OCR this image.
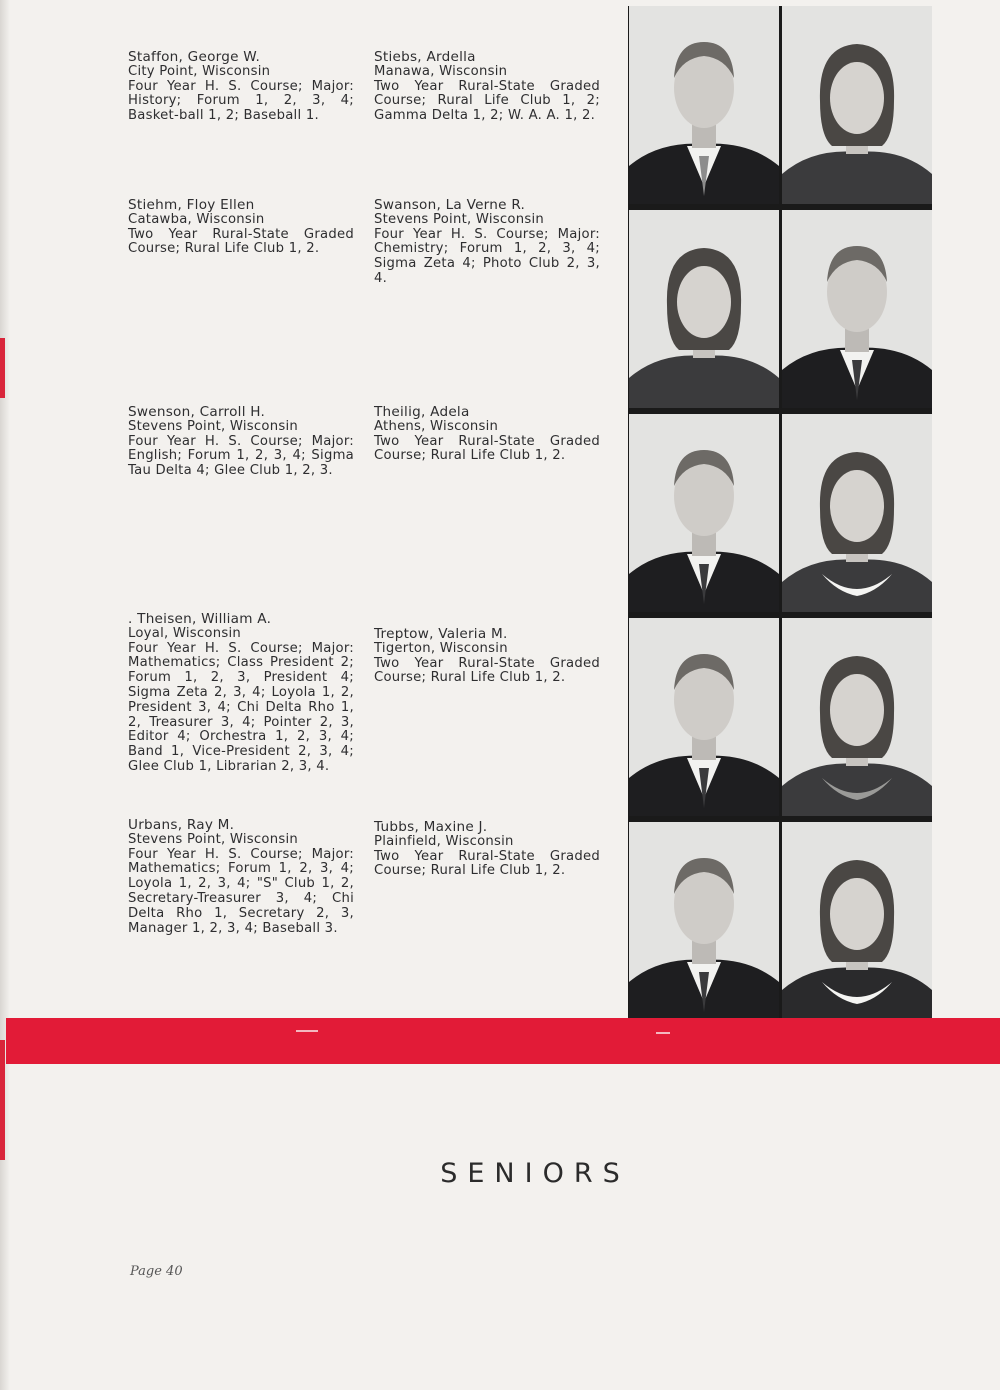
Staffon, George W.
City Point, Wisconsin
Four Year H. S. Course; Major: History; Forum 1, 2, 3, 4; Basket-ball 1, 2; Baseball 1.
Stiebs, Ardella
Manawa, Wisconsin
Two Year Rural-State Graded Course; Rural Life Club 1, 2; Gamma Delta 1, 2; W. A. A. 1, 2.
Stiehm, Floy Ellen
Catawba, Wisconsin
Two Year Rural-State Graded Course; Rural Life Club 1, 2.
Swanson, La Verne R.
Stevens Point, Wisconsin
Four Year H. S. Course; Major: Chemistry; Forum 1, 2, 3, 4; Sigma Zeta 4; Photo Club 2, 3, 4.
Swenson, Carroll H.
Stevens Point, Wisconsin
Four Year H. S. Course; Major: English; Forum 1, 2, 3, 4; Sigma Tau Delta 4; Glee Club 1, 2, 3.
Theilig, Adela
Athens, Wisconsin
Two Year Rural-State Graded Course; Rural Life Club 1, 2.
. Theisen, William A.
Loyal, Wisconsin
Four Year H. S. Course; Major: Mathematics; Class President 2; Forum 1, 2, 3, President 4; Sigma Zeta 2, 3, 4; Loyola 1, 2, President 3, 4; Chi Delta Rho 1, 2, Treasurer 3, 4; Pointer 2, 3, Editor 4; Orchestra 1, 2, 3, 4; Band 1, Vice-President 2, 3, 4; Glee Club 1, Librarian 2, 3, 4.
Treptow, Valeria M.
Tigerton, Wisconsin
Two Year Rural-State Graded Course; Rural Life Club 1, 2.
Urbans, Ray M.
Stevens Point, Wisconsin
Four Year H. S. Course; Major: Mathematics; Forum 1, 2, 3, 4; Loyola 1, 2, 3, 4; "S" Club 1, 2, Secretary-Treasurer 3, 4; Chi Delta Rho 1, Secretary 2, 3, Manager 1, 2, 3, 4; Baseball 3.
Tubbs, Maxine J.
Plainfield, Wisconsin
Two Year Rural-State Graded Course; Rural Life Club 1, 2.
SENIORS
Page 40
